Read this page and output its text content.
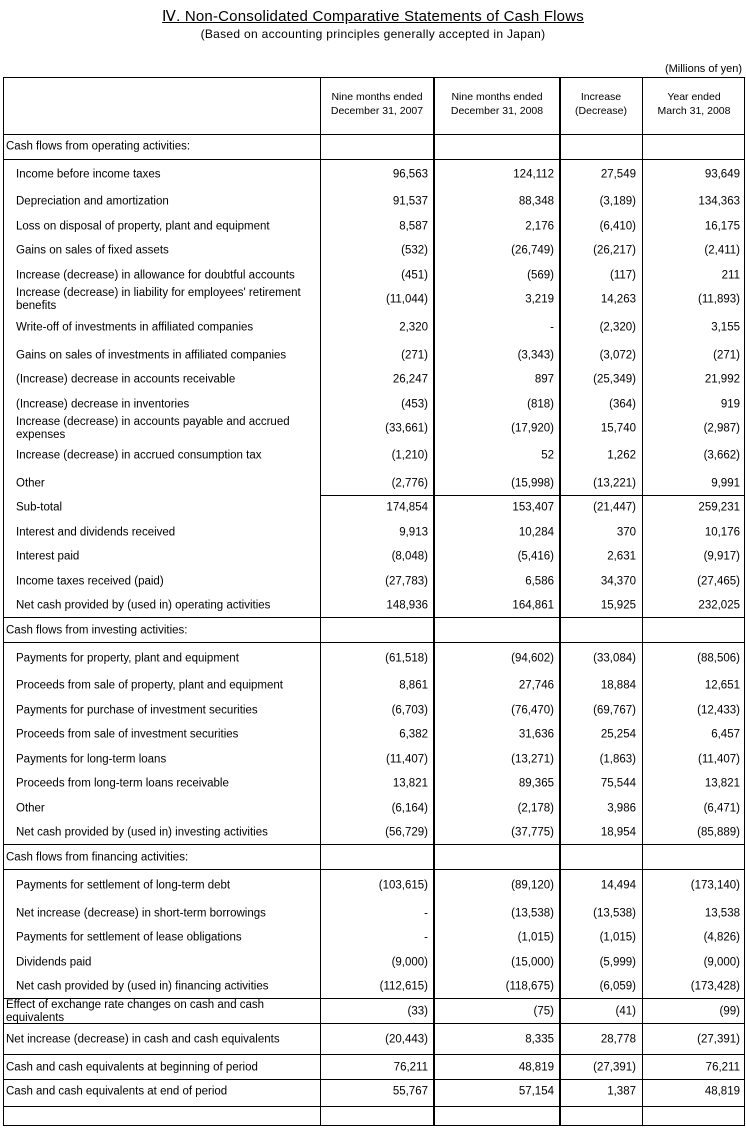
Ⅳ. Non-Consolidated Comparative Statements of Cash Flows
(Based on accounting principles generally accepted in Japan)
(Millions of yen)
Nine months ended
December 31, 2007
Nine months ended
December 31, 2008
Increase
(Decrease)
Year ended
March 31, 2008
Cash flows from operating activities:
Income before income taxes	96,563	124,112	27,549	93,649
Depreciation and amortization	91,537	88,348	(3,189)	134,363
Loss on disposal of property, plant and equipment	8,587	2,176	(6,410)	16,175
Gains on sales of fixed assets	(532)	(26,749)	(26,217)	(2,411)
Increase (decrease) in allowance for doubtful accounts	(451)	(569)	(117)	211
Increase (decrease) in liability for employees' retirement
benefits
(11,044)	3,219	14,263	(11,893)
Write-off of investments in affiliated companies	2,320	-	(2,320)	3,155
Gains on sales of investments in affiliated companies	(271)	(3,343)	(3,072)	(271)
(Increase) decrease in accounts receivable	26,247	897	(25,349)	21,992
(Increase) decrease in inventories	(453)	(818)	(364)	919
Increase (decrease) in accounts payable and accrued
expenses
(33,661)	(17,920)	15,740	(2,987)
Increase (decrease) in accrued consumption tax	(1,210)	52	1,262	(3,662)
Other	(2,776)	(15,998)	(13,221)	9,991
Sub-total	174,854	153,407	(21,447)	259,231
Interest and dividends received	9,913	10,284	370	10,176
Interest paid	(8,048)	(5,416)	2,631	(9,917)
Income taxes received (paid)	(27,783)	6,586	34,370	(27,465)
Net cash provided by (used in) operating activities	148,936	164,861	15,925	232,025
Cash flows from investing activities:
Payments for property, plant and equipment	(61,518)	(94,602)	(33,084)	(88,506)
Proceeds from sale of property, plant and equipment	8,861	27,746	18,884	12,651
Payments for purchase of investment securities	(6,703)	(76,470)	(69,767)	(12,433)
Proceeds from sale of investment securities	6,382	31,636	25,254	6,457
Payments for long-term loans	(11,407)	(13,271)	(1,863)	(11,407)
Proceeds from long-term loans receivable	13,821	89,365	75,544	13,821
Other	(6,164)	(2,178)	3,986	(6,471)
Net cash provided by (used in) investing activities	(56,729)	(37,775)	18,954	(85,889)
Cash flows from financing activities:
Payments for settlement of long-term debt	(103,615)	(89,120)	14,494	(173,140)
Net increase (decrease) in short-term borrowings	-	(13,538)	(13,538)	13,538
Payments for settlement of lease obligations	-	(1,015)	(1,015)	(4,826)
Dividends paid	(9,000)	(15,000)	(5,999)	(9,000)
Net cash provided by (used in) financing activities	(112,615)	(118,675)	(6,059)	(173,428)
Effect of exchange rate changes on cash and cash
equivalents
(33)	(75)	(41)	(99)
Net increase (decrease) in cash and cash equivalents	(20,443)	8,335	28,778	(27,391)
Cash and cash equivalents at beginning of period	76,211	48,819	(27,391)	76,211
Cash and cash equivalents at end of period	55,767	57,154	1,387	48,819
